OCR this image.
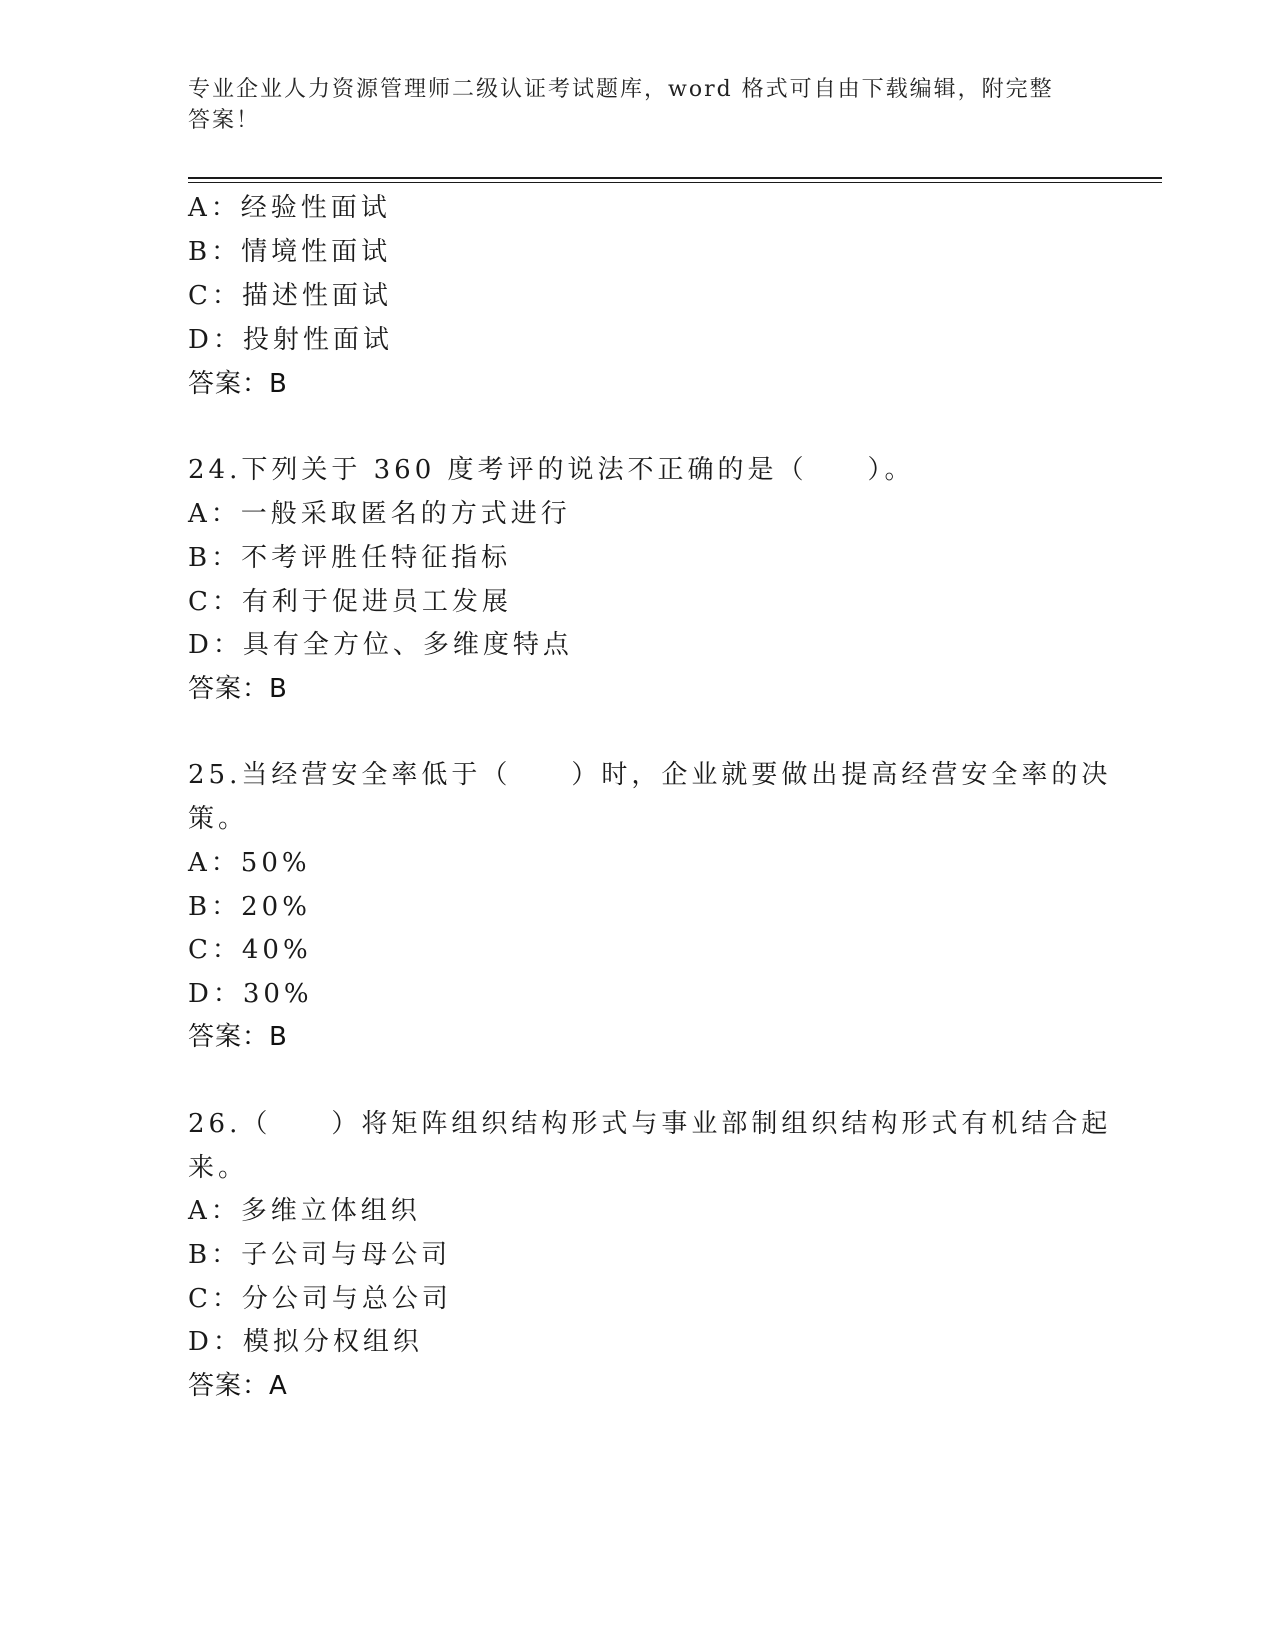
专业企业人力资源管理师二级认证考试题库，word 格式可自由下载编辑，附完整
答案！
A：经验性面试
B：情境性面试
C：描述性面试
D：投射性面试
答案：B
24.下列关于 360 度考评的说法不正确的是（　　）。
A：一般采取匿名的方式进行
B：不考评胜任特征指标
C：有利于促进员工发展
D：具有全方位、多维度特点
答案：B
25.当经营安全率低于（　　）时，企业就要做出提高经营安全率的决
策。
A：50%
B：20%
C：40%
D：30%
答案：B
26.（　　）将矩阵组织结构形式与事业部制组织结构形式有机结合起
来。
A：多维立体组织
B：子公司与母公司
C：分公司与总公司
D：模拟分权组织
答案：A
